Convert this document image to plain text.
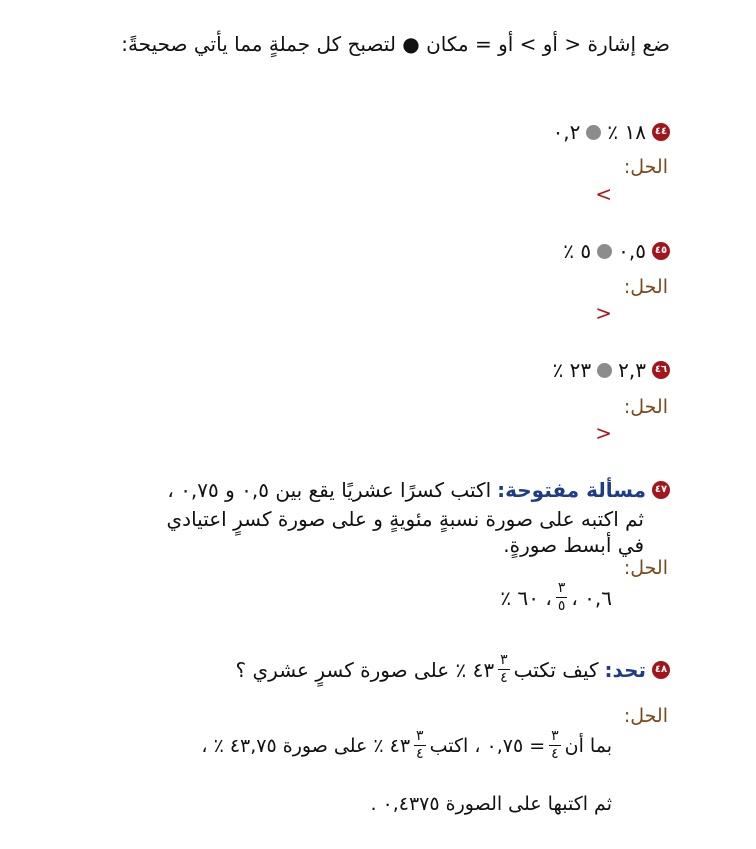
ضع إشارة < أو > أو = مكان ● لتصبح كل جملةٍ مما يأتي صحيحةً:
٤٤
١٨ ٪
٠,٢
الحل:
>
٤٥
٠,٥
٥ ٪
الحل:
<
٤٦
٢,٣
٢٣ ٪
الحل:
<
٤٧
مسألة مفتوحة:
اكتب كسرًا عشريًا يقع بين ٠,٥ و ٠,٧٥ ،
ثم اكتبه على صورة نسبةٍ مئويةٍ و على صورة كسرٍ اعتيادي
في أبسط صورةٍ.
الحل:
٠,٦ ،
$\frac{٣}{٥}$
، ٦٠ ٪
٤٨
تحد:
كيف تكتب
$\frac{٣}{٤}$
٤٣ ٪ على صورة كسرٍ عشري ؟
الحل:
بما أن
$\frac{٣}{٤}$
= ٠,٧٥ ، اكتب
$\frac{٣}{٤}$
٤٣ ٪ على صورة ٤٣,٧٥ ٪ ،
ثم اكتبها على الصورة ٠,٤٣٧٥ .
